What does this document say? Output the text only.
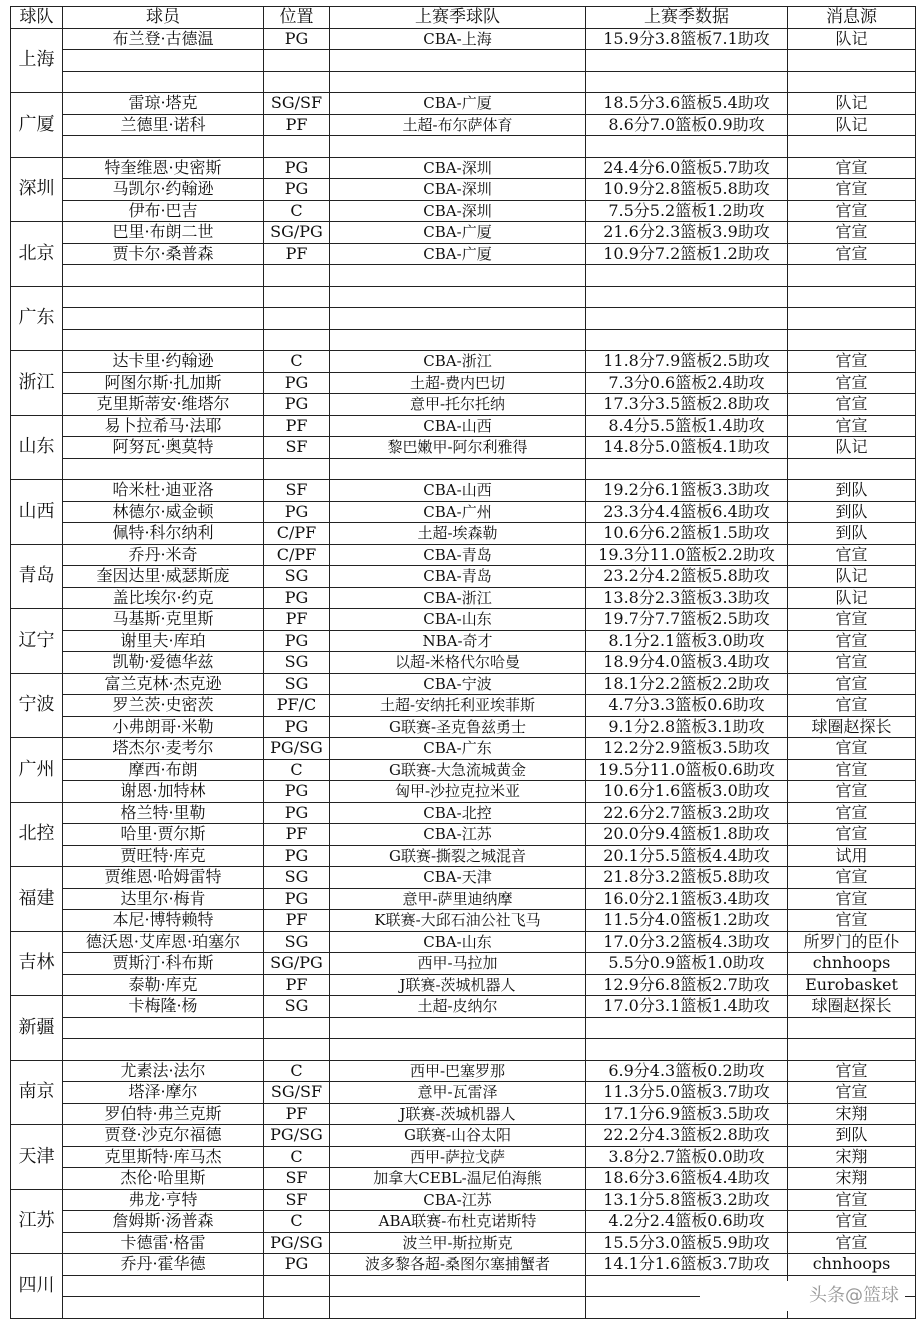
球队	球员	位置	上赛季球队	上赛季数据	消息源
上海	布兰登·古德温	PG	CBA-上海	15.9分3.8篮板7.1助攻	队记

广厦	雷琼·塔克	SG/SF	CBA-广厦	18.5分3.6篮板5.4助攻	队记
	兰德里·诺科	PF	土超-布尔萨体育	8.6分7.0篮板0.9助攻	队记

深圳	特奎维恩·史密斯	PG	CBA-深圳	24.4分6.0篮板5.7助攻	官宣
	马凯尔·约翰逊	PG	CBA-深圳	10.9分2.8篮板5.8助攻	官宣
	伊布·巴吉	C	CBA-深圳	7.5分5.2篮板1.2助攻	官宣
北京	巴里·布朗二世	SG/PG	CBA-广厦	21.6分2.3篮板3.9助攻	官宣
	贾卡尔·桑普森	PF	CBA-广厦	10.9分7.2篮板1.2助攻	官宣

广东					

浙江	达卡里·约翰逊	C	CBA-浙江	11.8分7.9篮板2.5助攻	官宣
	阿图尔斯·扎加斯	PG	土超-费内巴切	7.3分0.6篮板2.4助攻	官宣
	克里斯蒂安·维塔尔	PG	意甲-托尔托纳	17.3分3.5篮板2.8助攻	官宣
山东	易卜拉希马·法耶	PF	CBA-山西	8.4分5.5篮板1.4助攻	官宣
	阿努瓦·奥莫特	SF	黎巴嫩甲-阿尔利雅得	14.8分5.0篮板4.1助攻	队记

山西	哈米杜·迪亚洛	SF	CBA-山西	19.2分6.1篮板3.3助攻	到队
	林德尔·威金顿	PG	CBA-广州	23.3分4.4篮板6.4助攻	到队
	佩特·科尔纳利	C/PF	土超-埃森勒	10.6分6.2篮板1.5助攻	到队
青岛	乔丹·米奇	C/PF	CBA-青岛	19.3分11.0篮板2.2助攻	官宣
	奎因达里·威瑟斯庞	SG	CBA-青岛	23.2分4.2篮板5.8助攻	队记
	盖比埃尔·约克	PG	CBA-浙江	13.8分2.3篮板3.3助攻	队记
辽宁	马基斯·克里斯	PF	CBA-山东	19.7分7.7篮板2.5助攻	官宣
	谢里夫·库珀	PG	NBA-奇才	8.1分2.1篮板3.0助攻	官宣
	凯勒·爱德华兹	SG	以超-米格代尔哈曼	18.9分4.0篮板3.4助攻	官宣
宁波	富兰克林·杰克逊	SG	CBA-宁波	18.1分2.2篮板2.2助攻	官宣
	罗兰茨·史密茨	PF/C	土超-安纳托利亚埃菲斯	4.7分3.3篮板0.6助攻	官宣
	小弗朗哥·米勒	PG	G联赛-圣克鲁兹勇士	9.1分2.8篮板3.1助攻	球圈赵探长
广州	塔杰尔·麦考尔	PG/SG	CBA-广东	12.2分2.9篮板3.5助攻	官宣
	摩西·布朗	C	G联赛-大急流城黄金	19.5分11.0篮板0.6助攻	官宣
	谢恩·加特林	PG	匈甲-沙拉克拉米亚	10.6分1.6篮板3.0助攻	官宣
北控	格兰特·里勒	PG	CBA-北控	22.6分2.7篮板3.2助攻	官宣
	哈里·贾尔斯	PF	CBA-江苏	20.0分9.4篮板1.8助攻	官宣
	贾旺特·库克	PG	G联赛-撕裂之城混音	20.1分5.5篮板4.4助攻	试用
福建	贾维恩·哈姆雷特	SG	CBA-天津	21.8分3.2篮板5.8助攻	官宣
	达里尔·梅肯	PG	意甲-萨里迪纳摩	16.0分2.1篮板3.4助攻	官宣
	本尼·博特赖特	PF	K联赛-大邱石油公社飞马	11.5分4.0篮板1.2助攻	官宣
吉林	德沃恩·艾库恩·珀塞尔	SG	CBA-山东	17.0分3.2篮板4.3助攻	所罗门的臣仆
	贾斯汀·科布斯	SG/PG	西甲-马拉加	5.5分0.9篮板1.0助攻	chnhoops
	泰勒·库克	PF	J联赛-茨城机器人	12.9分6.8篮板2.7助攻	Eurobasket
新疆	卡梅隆·杨	SG	土超-皮纳尔	17.0分3.1篮板1.4助攻	球圈赵探长

南京	尤素法·法尔	C	西甲-巴塞罗那	6.9分4.3篮板0.2助攻	官宣
	塔泽·摩尔	SG/SF	意甲-瓦雷泽	11.3分5.0篮板3.7助攻	官宣
	罗伯特·弗兰克斯	PF	J联赛-茨城机器人	17.1分6.9篮板3.5助攻	宋翔
天津	贾登·沙克尔福德	PG/SG	G联赛-山谷太阳	22.2分4.3篮板2.8助攻	到队
	克里斯特·库马杰	C	西甲-萨拉戈萨	3.8分2.7篮板0.0助攻	宋翔
	杰伦·哈里斯	SF	加拿大CEBL-温尼伯海熊	18.6分3.6篮板4.4助攻	宋翔
江苏	弗龙·亨特	SF	CBA-江苏	13.1分5.8篮板3.2助攻	官宣
	詹姆斯·汤普森	C	ABA联赛-布杜克诺斯特	4.2分2.4篮板0.6助攻	官宣
	卡德雷·格雷	PG/SG	波兰甲-斯拉斯克	15.5分3.0篮板5.9助攻	官宣
四川	乔丹·霍华德	PG	波多黎各超-桑图尔塞捕蟹者	14.1分1.6篮板3.7助攻	chnhoops

头条@篮球
